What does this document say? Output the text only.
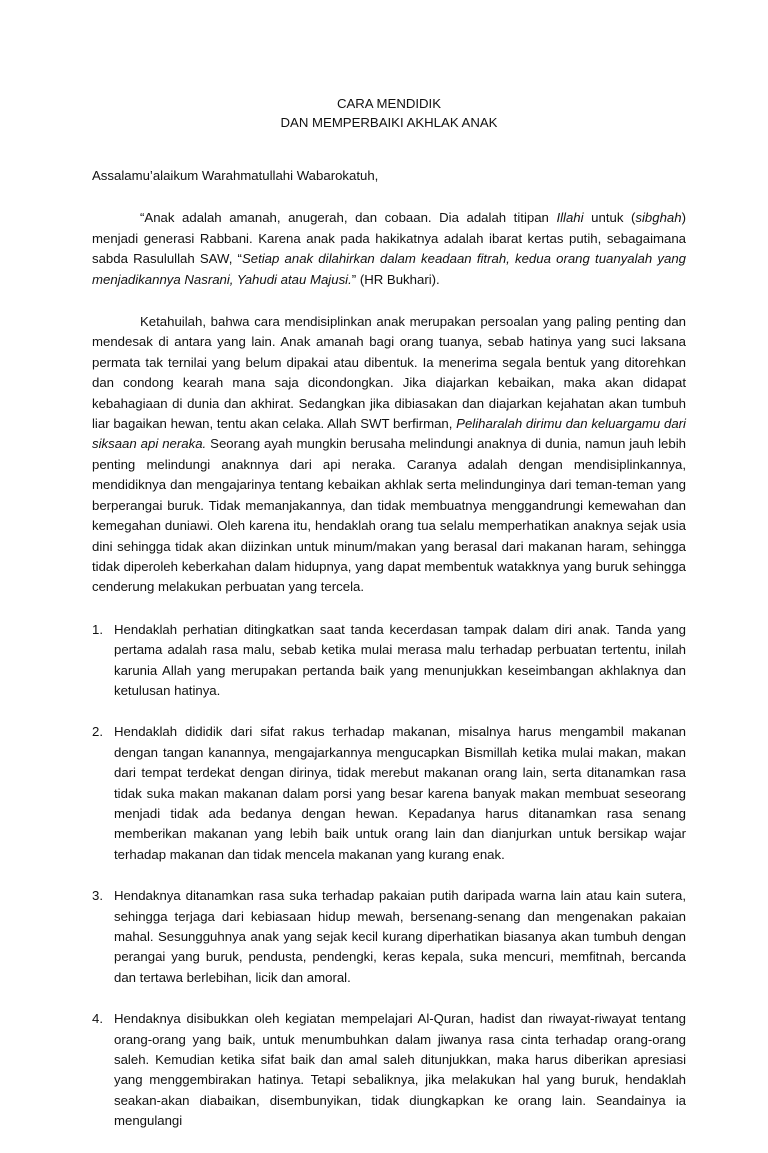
CARA MENDIDIK
DAN MEMPERBAIKI AKHLAK ANAK

Assalamu’alaikum Warahmatullahi Wabarokatuh,

“Anak adalah amanah, anugerah, dan cobaan. Dia adalah titipan Illahi untuk (sibghah) menjadi generasi Rabbani. Karena anak pada hakikatnya adalah ibarat kertas putih, sebagaimana sabda Rasulullah SAW, “Setiap anak dilahirkan dalam keadaan fitrah, kedua orang tuanyalah yang menjadikannya Nasrani, Yahudi atau Majusi.” (HR Bukhari).

Ketahuilah, bahwa cara mendisiplinkan anak merupakan persoalan yang paling penting dan mendesak di antara yang lain. Anak amanah bagi orang tuanya, sebab hatinya yang suci laksana permata tak ternilai yang belum dipakai atau dibentuk. Ia menerima segala bentuk yang ditorehkan dan condong kearah mana saja dicondongkan. Jika diajarkan kebaikan, maka akan didapat kebahagiaan di dunia dan akhirat. Sedangkan jika dibiasakan dan diajarkan kejahatan akan tumbuh liar bagaikan hewan, tentu akan celaka. Allah SWT berfirman, Peliharalah dirimu dan keluargamu dari siksaan api neraka. Seorang ayah mungkin berusaha melindungi anaknya di dunia, namun jauh lebih penting melindungi anaknnya dari api neraka. Caranya adalah dengan mendisiplinkannya, mendidiknya dan mengajarinya tentang kebaikan akhlak serta melindunginya dari teman-teman yang berperangai buruk. Tidak memanjakannya, dan tidak membuatnya menggandrungi kemewahan dan kemegahan duniawi. Oleh karena itu, hendaklah orang tua selalu memperhatikan anaknya sejak usia dini sehingga tidak akan diizinkan untuk minum/makan yang berasal dari makanan haram, sehingga tidak diperoleh keberkahan dalam hidupnya, yang dapat membentuk watakknya yang buruk sehingga cenderung melakukan perbuatan yang tercela.

1. Hendaklah perhatian ditingkatkan saat tanda kecerdasan tampak dalam diri anak. Tanda yang pertama adalah rasa malu, sebab ketika mulai merasa malu terhadap perbuatan tertentu, inilah karunia Allah yang merupakan pertanda baik yang menunjukkan keseimbangan akhlaknya dan ketulusan hatinya.
2. Hendaklah dididik dari sifat rakus terhadap makanan, misalnya harus mengambil makanan dengan tangan kanannya, mengajarkannya mengucapkan Bismillah ketika mulai makan, makan dari tempat terdekat dengan dirinya, tidak merebut makanan orang lain, serta ditanamkan rasa tidak suka makan makanan dalam porsi yang besar karena banyak makan membuat seseorang menjadi tidak ada bedanya dengan hewan. Kepadanya harus ditanamkan rasa senang memberikan makanan yang lebih baik untuk orang lain dan dianjurkan untuk bersikap wajar terhadap makanan dan tidak mencela makanan yang kurang enak.
3. Hendaknya ditanamkan rasa suka terhadap pakaian putih daripada warna lain atau kain sutera, sehingga terjaga dari kebiasaan hidup mewah, bersenang-senang dan mengenakan pakaian mahal. Sesungguhnya anak yang sejak kecil kurang diperhatikan biasanya akan tumbuh dengan perangai yang buruk, pendusta, pendengki, keras kepala, suka mencuri, memfitnah, bercanda dan tertawa berlebihan, licik dan amoral.
4. Hendaknya disibukkan oleh kegiatan mempelajari Al-Quran, hadist dan riwayat-riwayat tentang orang-orang yang baik, untuk menumbuhkan dalam jiwanya rasa cinta terhadap orang-orang saleh. Kemudian ketika sifat baik dan amal saleh ditunjukkan, maka harus diberikan apresiasi yang menggembirakan hatinya. Tetapi sebaliknya, jika melakukan hal yang buruk, hendaklah seakan-akan diabaikan, disembunyikan, tidak diungkapkan ke orang lain. Seandainya ia mengulangi
